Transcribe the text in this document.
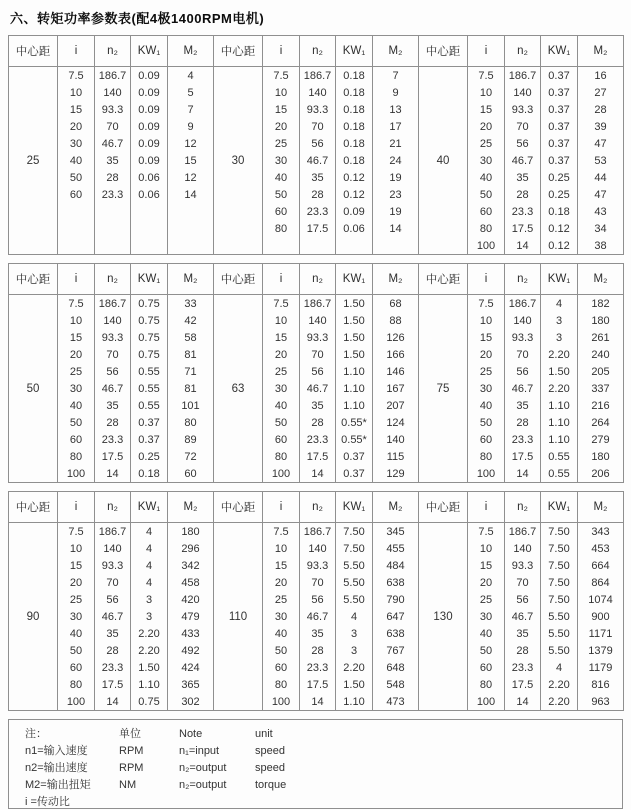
六、转矩功率参数表(配4极1400RPM电机)
中心距	i	n₂	KW₁	M₂	中心距	i	n₂	KW₁	M₂	中心距	i	n₂	KW₁	M₂
25	7.5	186.7	0.09	4	30	7.5	186.7	0.18	7	40	7.5	186.7	0.37	16
	10	140	0.09	5		10	140	0.18	9		10	140	0.37	27
	15	93.3	0.09	7		15	93.3	0.18	13		15	93.3	0.37	28
	20	70	0.09	9		20	70	0.18	17		20	70	0.37	39
	30	46.7	0.09	12		25	56	0.18	21		25	56	0.37	47
	40	35	0.09	15		30	46.7	0.18	24		30	46.7	0.37	53
	50	28	0.06	12		40	35	0.12	19		40	35	0.25	44
	60	23.3	0.06	14		50	28	0.12	23		50	28	0.25	47
						60	23.3	0.09	19		60	23.3	0.18	43
						80	17.5	0.06	14		80	17.5	0.12	34
											100	14	0.12	38
中心距	i	n₂	KW₁	M₂	中心距	i	n₂	KW₁	M₂	中心距	i	n₂	KW₁	M₂
50	7.5	186.7	0.75	33	63	7.5	186.7	1.50	68	75	7.5	186.7	4	182
	10	140	0.75	42		10	140	1.50	88		10	140	3	180
	15	93.3	0.75	58		15	93.3	1.50	126		15	93.3	3	261
	20	70	0.75	81		20	70	1.50	166		20	70	2.20	240
	25	56	0.55	71		25	56	1.10	146		25	56	1.50	205
	30	46.7	0.55	81		30	46.7	1.10	167		30	46.7	2.20	337
	40	35	0.55	101		40	35	1.10	207		40	35	1.10	216
	50	28	0.37	80		50	28	0.55*	124		50	28	1.10	264
	60	23.3	0.37	89		60	23.3	0.55*	140		60	23.3	1.10	279
	80	17.5	0.25	72		80	17.5	0.37	115		80	17.5	0.55	180
	100	14	0.18	60		100	14	0.37	129		100	14	0.55	206
中心距	i	n₂	KW₁	M₂	中心距	i	n₂	KW₁	M₂	中心距	i	n₂	KW₁	M₂
90	7.5	186.7	4	180	110	7.5	186.7	7.50	345	130	7.5	186.7	7.50	343
	10	140	4	296		10	140	7.50	455		10	140	7.50	453
	15	93.3	4	342		15	93.3	5.50	484		15	93.3	7.50	664
	20	70	4	458		20	70	5.50	638		20	70	7.50	864
	25	56	3	420		25	56	5.50	790		25	56	7.50	1074
	30	46.7	3	479		30	46.7	4	647		30	46.7	5.50	900
	40	35	2.20	433		40	35	3	638		40	35	5.50	1171
	50	28	2.20	492		50	28	3	767		50	28	5.50	1379
	60	23.3	1.50	424		60	23.3	2.20	648		60	23.3	4	1179
	80	17.5	1.10	365		80	17.5	1.50	548		80	17.5	2.20	816
	100	14	0.75	302		100	14	1.10	473		100	14	2.20	963
注：	单位	Note	unit
n1=输入速度	RPM	n₁=input	speed
n2=输出速度	RPM	n₂=output	speed
M2=输出扭矩	NM	n₂=output	torque
i =传动比
